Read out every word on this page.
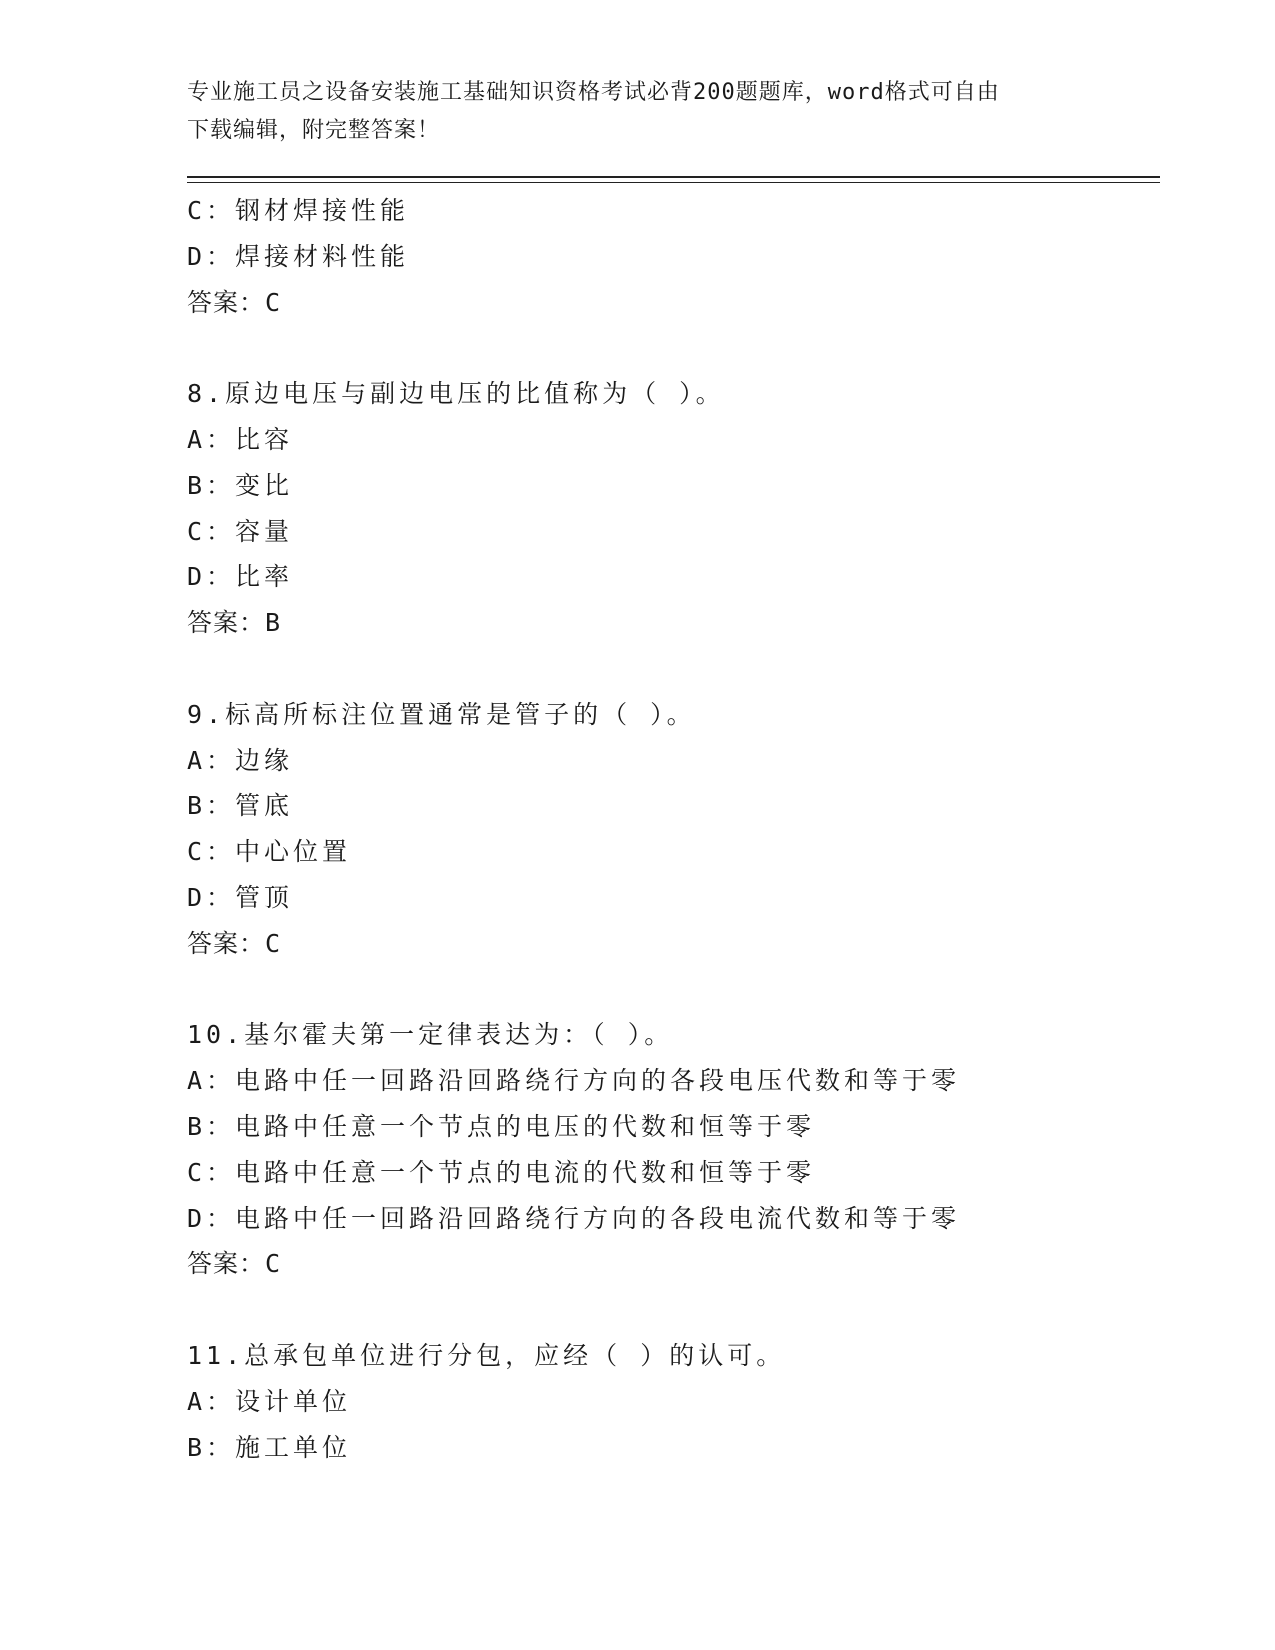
专业施工员之设备安装施工基础知识资格考试必背200题题库，word格式可自由
下载编辑，附完整答案！
C：钢材焊接性能
D：焊接材料性能
答案：C
8.原边电压与副边电压的比值称为（ ）。
A：比容
B：变比
C：容量
D：比率
答案：B
9.标高所标注位置通常是管子的（ ）。
A：边缘
B：管底
C：中心位置
D：管顶
答案：C
10.基尔霍夫第一定律表达为：（ ）。
A：电路中任一回路沿回路绕行方向的各段电压代数和等于零
B：电路中任意一个节点的电压的代数和恒等于零
C：电路中任意一个节点的电流的代数和恒等于零
D：电路中任一回路沿回路绕行方向的各段电流代数和等于零
答案：C
11.总承包单位进行分包，应经（ ）的认可。
A：设计单位
B：施工单位
